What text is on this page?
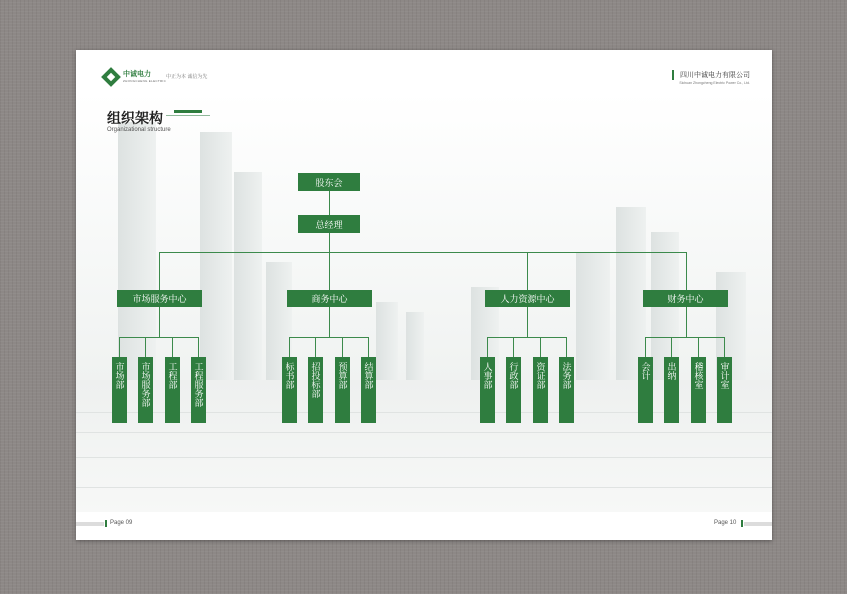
中诚电力
ZHONGCHENG ELECTRIC
中正为本 诚信为先	四川中诚电力有限公司
Sichuan Zhongcheng Electric Power Co., Ltd.
组织架构
Organizational structure
股东会
总经理
市场服务中心	商务中心	人力资源中心	财务中心
市场部 市场服务部 工程部 工程服务部	标书部 招投标部 预算部 结算部	人事部 行政部 资证部 法务部	会计 出纳 稽核室 审计室
Page 09	Page 10
